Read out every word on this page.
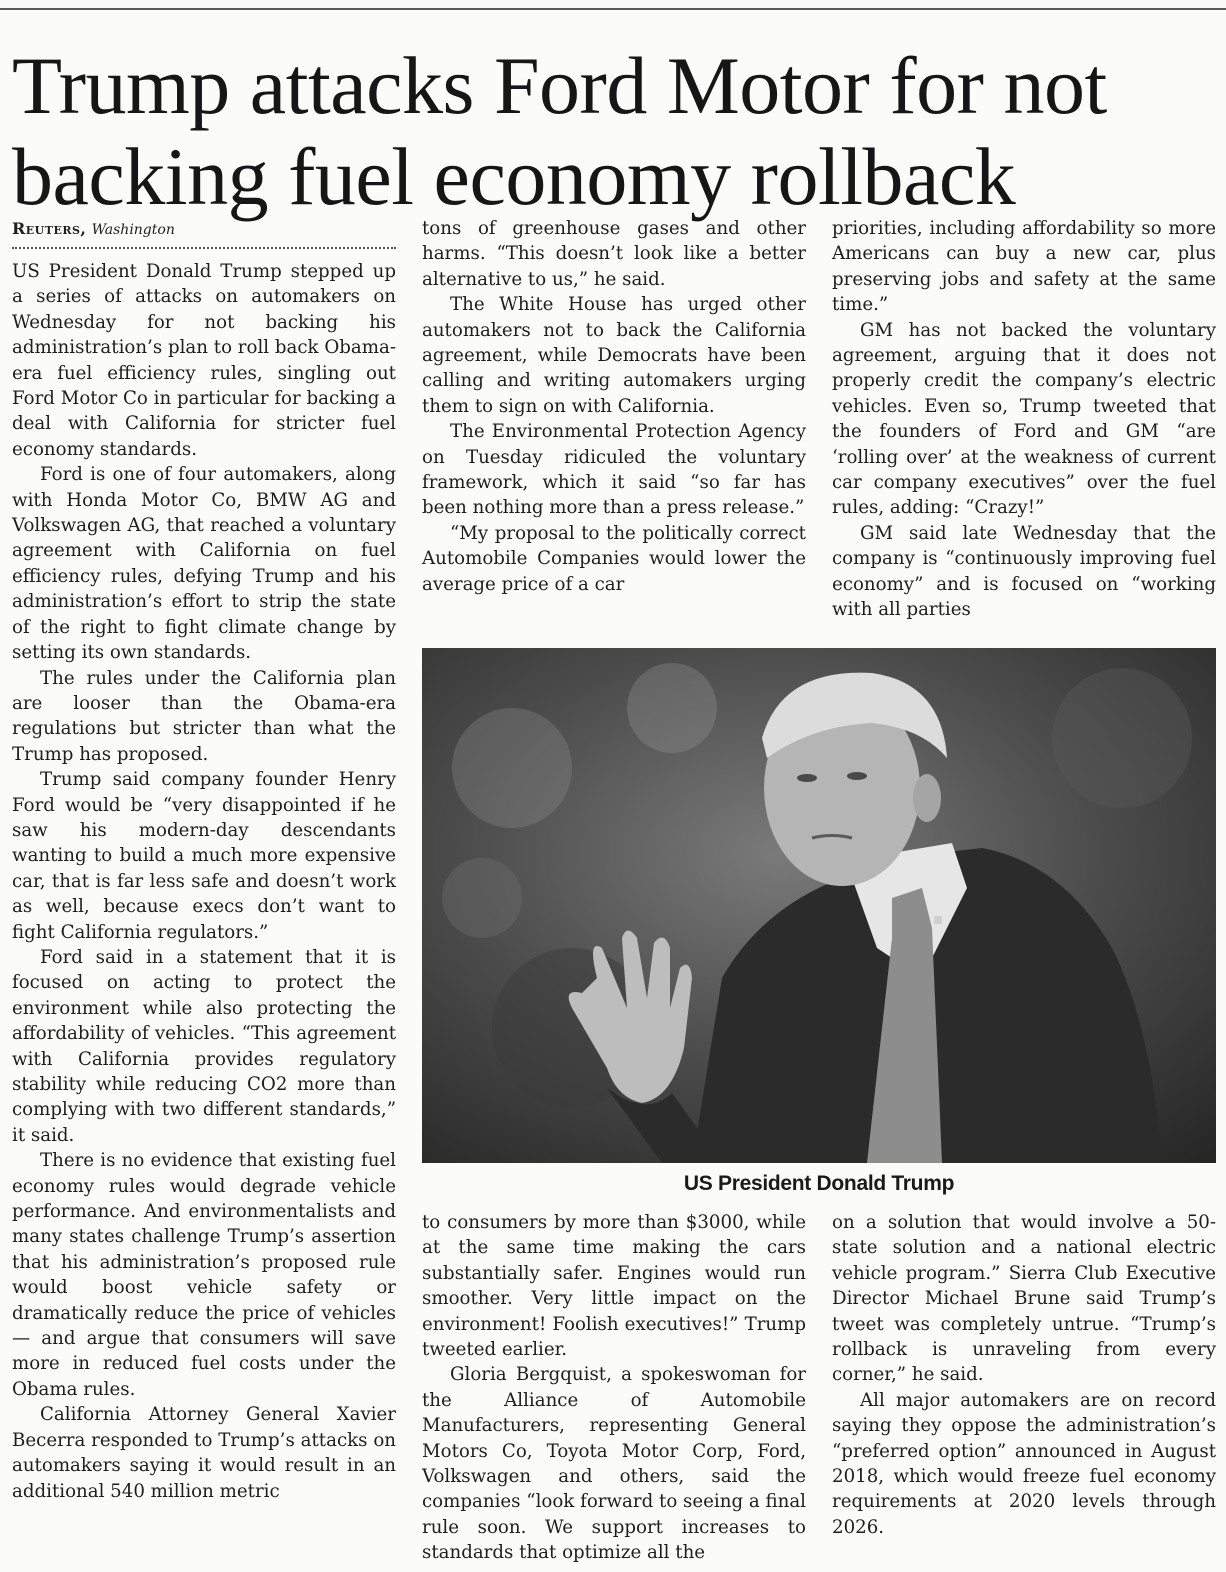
Trump attacks Ford Motor for not backing fuel economy rollback
Reuters, Washington

US President Donald Trump stepped up a series of attacks on automakers on Wednesday for not backing his administration’s plan to roll back Obama-era fuel efficiency rules, singling out Ford Motor Co in particular for backing a deal with California for stricter fuel economy standards.

Ford is one of four automakers, along with Honda Motor Co, BMW AG and Volkswagen AG, that reached a voluntary agreement with California on fuel efficiency rules, defying Trump and his administration’s effort to strip the state of the right to fight climate change by setting its own standards.

The rules under the California plan are looser than the Obama-era regulations but stricter than what the Trump has proposed.

Trump said company founder Henry Ford would be “very disappointed if he saw his modern-day descendants wanting to build a much more expensive car, that is far less safe and doesn’t work as well, because execs don’t want to fight California regulators.”

Ford said in a statement that it is focused on acting to protect the environment while also protecting the affordability of vehicles. “This agreement with California provides regulatory stability while reducing CO2 more than complying with two different standards,” it said.

There is no evidence that existing fuel economy rules would degrade vehicle performance. And environmentalists and many states challenge Trump’s assertion that his administration’s proposed rule would boost vehicle safety or dramatically reduce the price of vehicles — and argue that consumers will save more in reduced fuel costs under the Obama rules.

California Attorney General Xavier Becerra responded to Trump’s attacks on automakers saying it would result in an additional 540 million metric

tons of greenhouse gases and other harms. “This doesn’t look like a better alternative to us,” he said.

The White House has urged other automakers not to back the California agreement, while Democrats have been calling and writing automakers urging them to sign on with California.

The Environmental Protection Agency on Tuesday ridiculed the voluntary framework, which it said “so far has been nothing more than a press release.”

“My proposal to the politically correct Automobile Companies would lower the average price of a car

priorities, including affordability so more Americans can buy a new car, plus preserving jobs and safety at the same time.”

GM has not backed the voluntary agreement, arguing that it does not properly credit the company’s electric vehicles. Even so, Trump tweeted that the founders of Ford and GM “are ‘rolling over’ at the weakness of current car company executives” over the fuel rules, adding: “Crazy!”

GM said late Wednesday that the company is “continuously improving fuel economy” and is focused on “working with all parties

US President Donald Trump

to consumers by more than $3000, while at the same time making the cars substantially safer. Engines would run smoother. Very little impact on the environment! Foolish executives!” Trump tweeted earlier.

Gloria Bergquist, a spokeswoman for the Alliance of Automobile Manufacturers, representing General Motors Co, Toyota Motor Corp, Ford, Volkswagen and others, said the companies “look forward to seeing a final rule soon. We support increases to standards that optimize all the

on a solution that would involve a 50-state solution and a national electric vehicle program.” Sierra Club Executive Director Michael Brune said Trump’s tweet was completely untrue. “Trump’s rollback is unraveling from every corner,” he said.

All major automakers are on record saying they oppose the administration’s “preferred option” announced in August 2018, which would freeze fuel economy requirements at 2020 levels through 2026.
